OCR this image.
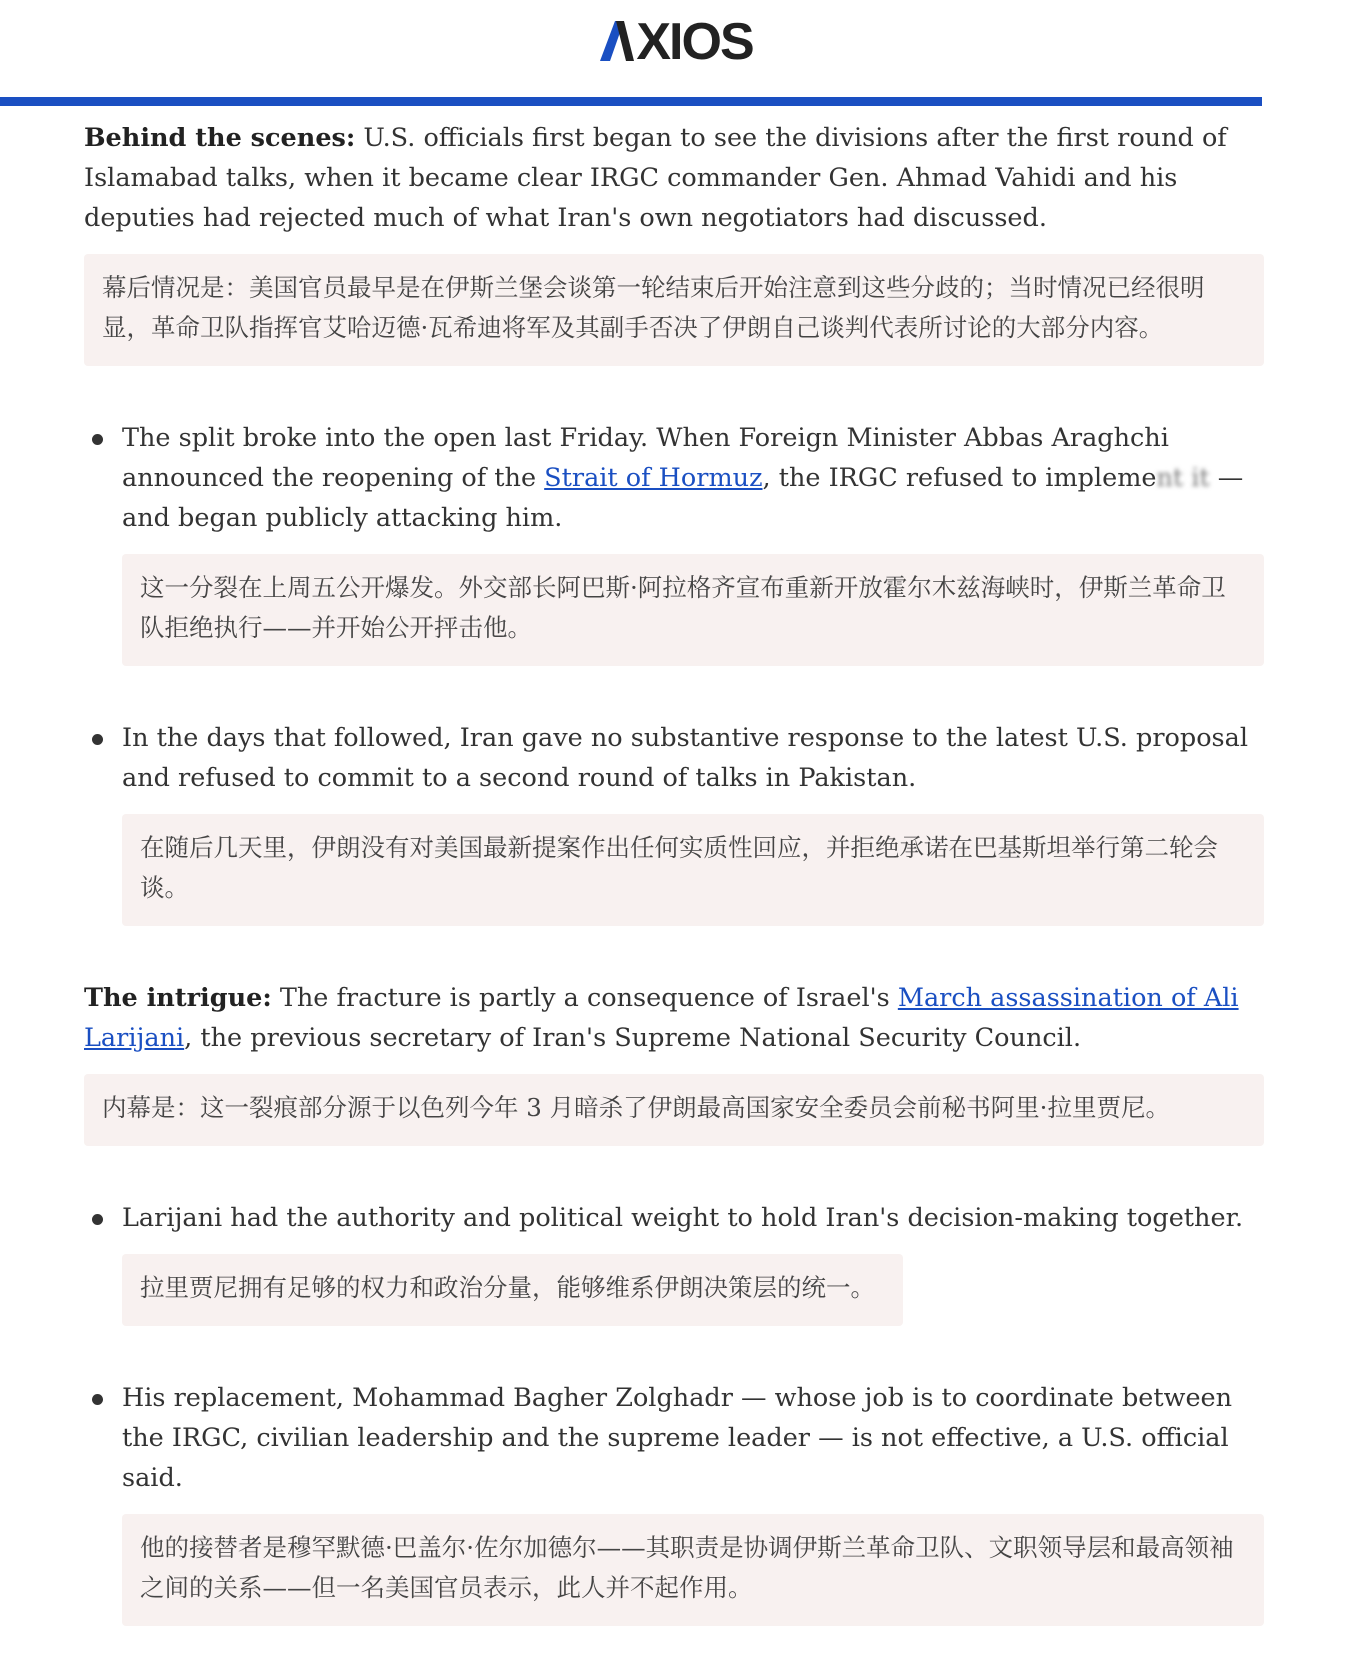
XIOS

Behind the scenes: U.S. officials first began to see the divisions after the first round of Islamabad talks, when it became clear IRGC commander Gen. Ahmad Vahidi and his deputies had rejected much of what Iran's own negotiators had discussed.

幕后情况是：美国官员最早是在伊斯兰堡会谈第一轮结束后开始注意到这些分歧的；当时情况已经很明显，革命卫队指挥官艾哈迈德·瓦希迪将军及其副手否决了伊朗自己谈判代表所讨论的大部分内容。

The split broke into the open last Friday. When Foreign Minister Abbas Araghchi announced the reopening of the Strait of Hormuz, the IRGC refused to implement it — and began publicly attacking him.

这一分裂在上周五公开爆发。外交部长阿巴斯·阿拉格齐宣布重新开放霍尔木兹海峡时，伊斯兰革命卫队拒绝执行——并开始公开抨击他。

In the days that followed, Iran gave no substantive response to the latest U.S. proposal and refused to commit to a second round of talks in Pakistan.

在随后几天里，伊朗没有对美国最新提案作出任何实质性回应，并拒绝承诺在巴基斯坦举行第二轮会谈。

The intrigue: The fracture is partly a consequence of Israel's March assassination of Ali Larijani, the previous secretary of Iran's Supreme National Security Council.

内幕是：这一裂痕部分源于以色列今年 3 月暗杀了伊朗最高国家安全委员会前秘书阿里·拉里贾尼。

Larijani had the authority and political weight to hold Iran's decision-making together.

拉里贾尼拥有足够的权力和政治分量，能够维系伊朗决策层的统一。

His replacement, Mohammad Bagher Zolghadr — whose job is to coordinate between the IRGC, civilian leadership and the supreme leader — is not effective, a U.S. official said.

他的接替者是穆罕默德·巴盖尔·佐尔加德尔——其职责是协调伊斯兰革命卫队、文职领导层和最高领袖之间的关系——但一名美国官员表示，此人并不起作用。
